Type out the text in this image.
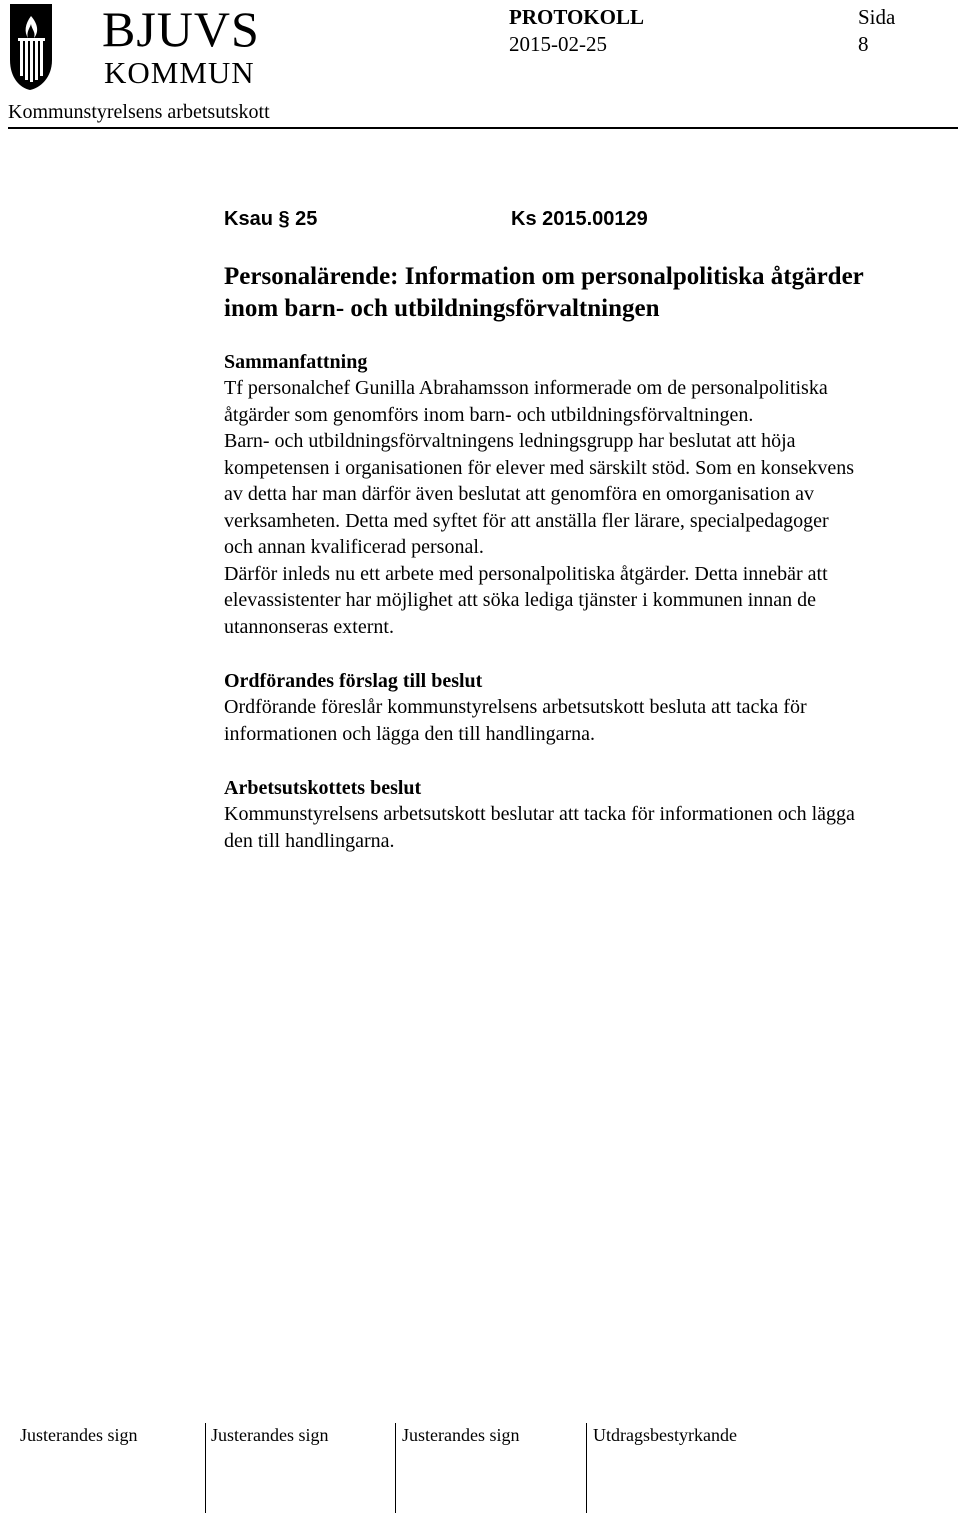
BJUVS
KOMMUN
PROTOKOLL
2015-02-25
Sida
8
Kommunstyrelsens arbetsutskott
Ksau § 25	Ks 2015.00129
Personalärende: Information om personalpolitiska åtgärder
inom barn- och utbildningsförvaltningen
Sammanfattning
Tf personalchef Gunilla Abrahamsson informerade om de personalpolitiska
åtgärder som genomförs inom barn- och utbildningsförvaltningen.
Barn- och utbildningsförvaltningens ledningsgrupp har beslutat att höja
kompetensen i organisationen för elever med särskilt stöd. Som en konsekvens
av detta har man därför även beslutat att genomföra en omorganisation av
verksamheten. Detta med syftet för att anställa fler lärare, specialpedagoger
och annan kvalificerad personal.
Därför inleds nu ett arbete med personalpolitiska åtgärder. Detta innebär att
elevassistenter har möjlighet att söka lediga tjänster i kommunen innan de
utannonseras externt.
Ordförandes förslag till beslut
Ordförande föreslår kommunstyrelsens arbetsutskott besluta att tacka för
informationen och lägga den till handlingarna.
Arbetsutskottets beslut
Kommunstyrelsens arbetsutskott beslutar att tacka för informationen och lägga
den till handlingarna.
Justerandes sign	Justerandes sign	Justerandes sign	Utdragsbestyrkande
